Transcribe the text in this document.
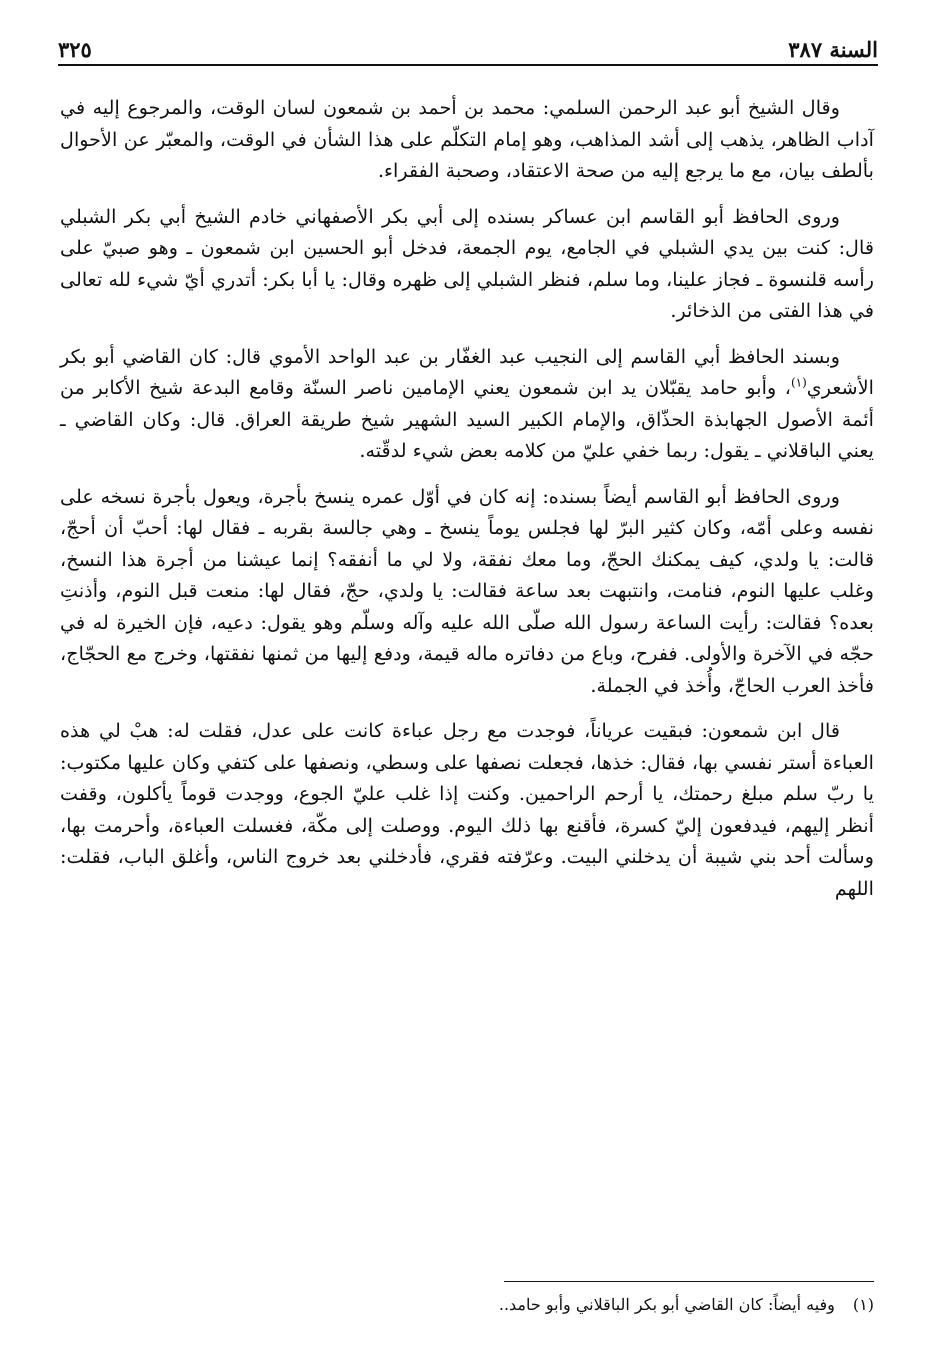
السنة ٣٨٧
٣٢٥

وقال الشيخ أبو عبد الرحمن السلمي: محمد بن أحمد بن شمعون لسان الوقت، والمرجوع إليه في آداب الظاهر، يذهب إلى أشد المذاهب، وهو إمام التكلّم على هذا الشأن في الوقت، والمعبّر عن الأحوال بألطف بيان، مع ما يرجع إليه من صحة الاعتقاد، وصحبة الفقراء.

وروى الحافظ أبو القاسم ابن عساكر بسنده إلى أبي بكر الأصفهاني خادم الشيخ أبي بكر الشبلي قال: كنت بين يدي الشبلي في الجامع، يوم الجمعة، فدخل أبو الحسين ابن شمعون ـ وهو صبيّ على رأسه قلنسوة ـ فجاز علينا، وما سلم، فنظر الشبلي إلى ظهره وقال: يا أبا بكر: أتدري أيّ شيء لله تعالى في هذا الفتى من الذخائر.

وبسند الحافظ أبي القاسم إلى النجيب عبد الغفّار بن عبد الواحد الأموي قال: كان القاضي أبو بكر الأشعري$^{(١)}$، وأبو حامد يقبّلان يد ابن شمعون يعني الإمامين ناصر السنّة وقامع البدعة شيخ الأكابر من أئمة الأصول الجهابذة الحذّاق، والإمام الكبير السيد الشهير شيخ طريقة العراق. قال: وكان القاضي ـ يعني الباقلاني ـ يقول: ربما خفي عليّ من كلامه بعض شيء لدقّته.

وروى الحافظ أبو القاسم أيضاً بسنده: إنه كان في أوّل عمره ينسخ بأجرة، ويعول بأجرة نسخه على نفسه وعلى أمّه، وكان كثير البرّ لها فجلس يوماً ينسخ ـ وهي جالسة بقربه ـ فقال لها: أحبّ أن أحجّ، قالت: يا ولدي، كيف يمكنك الحجّ، وما معك نفقة، ولا لي ما أنفقه؟ إنما عيشنا من أجرة هذا النسخ، وغلب عليها النوم، فنامت، وانتبهت بعد ساعة فقالت: يا ولدي، حجّ، فقال لها: منعت قبل النوم، وأذنتِ بعده؟ فقالت: رأيت الساعة رسول الله صلّى الله عليه وآله وسلّم وهو يقول: دعيه، فإن الخيرة له في حجّه في الآخرة والأولى. ففرح، وباع من دفاتره ماله قيمة، ودفع إليها من ثمنها نفقتها، وخرج مع الحجّاج، فأخذ العرب الحاجّ، وأُخذ في الجملة.

قال ابن شمعون: فبقيت عرياناً، فوجدت مع رجل عباءة كانت على عدل، فقلت له: هبْ لي هذه العباءة أستر نفسي بها، فقال: خذها، فجعلت نصفها على وسطي، ونصفها على كتفي وكان عليها مكتوب: يا ربّ سلم مبلغ رحمتك، يا أرحم الراحمين. وكنت إذا غلب عليّ الجوع، ووجدت قوماً يأكلون، وقفت أنظر إليهم، فيدفعون إليّ كسرة، فأقنع بها ذلك اليوم. ووصلت إلى مكّة، فغسلت العباءة، وأحرمت بها، وسألت أحد بني شيبة أن يدخلني البيت. وعرّفته فقري، فأدخلني بعد خروج الناس، وأغلق الباب، فقلت: اللهم

(١)وفيه أيضاً: كان القاضي أبو بكر الباقلاني وأبو حامد..
